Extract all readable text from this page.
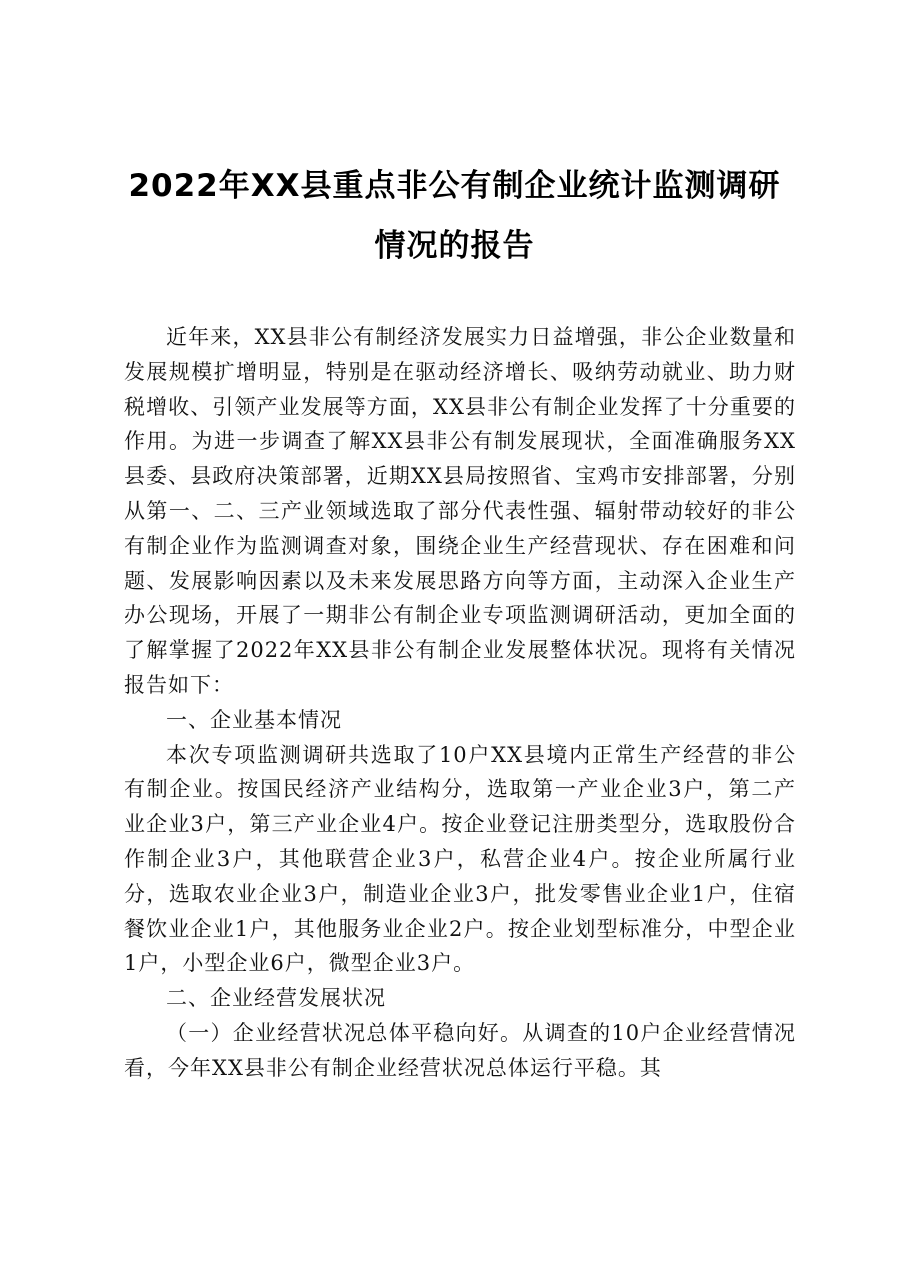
2022年XX县重点非公有制企业统计监测调研
情况的报告

近年来，XX县非公有制经济发展实力日益增强，非公企业数量和发展规模扩增明显，特别是在驱动经济增长、吸纳劳动就业、助力财税增收、引领产业发展等方面，XX县非公有制企业发挥了十分重要的作用。为进一步调查了解XX县非公有制发展现状，全面准确服务XX县委、县政府决策部署，近期XX县局按照省、宝鸡市安排部署，分别从第一、二、三产业领域选取了部分代表性强、辐射带动较好的非公有制企业作为监测调查对象，围绕企业生产经营现状、存在困难和问题、发展影响因素以及未来发展思路方向等方面，主动深入企业生产办公现场，开展了一期非公有制企业专项监测调研活动，更加全面的了解掌握了2022年XX县非公有制企业发展整体状况。现将有关情况报告如下：

一、企业基本情况

本次专项监测调研共选取了10户XX县境内正常生产经营的非公有制企业。按国民经济产业结构分，选取第一产业企业3户，第二产业企业3户，第三产业企业4户。按企业登记注册类型分，选取股份合作制企业3户，其他联营企业3户，私营企业4户。按企业所属行业分，选取农业企业3户，制造业企业3户，批发零售业企业1户，住宿餐饮业企业1户，其他服务业企业2户。按企业划型标准分，中型企业1户，小型企业6户，微型企业3户。

二、企业经营发展状况

（一）企业经营状况总体平稳向好。从调查的10户企业经营情况看，今年XX县非公有制企业经营状况总体运行平稳。其
